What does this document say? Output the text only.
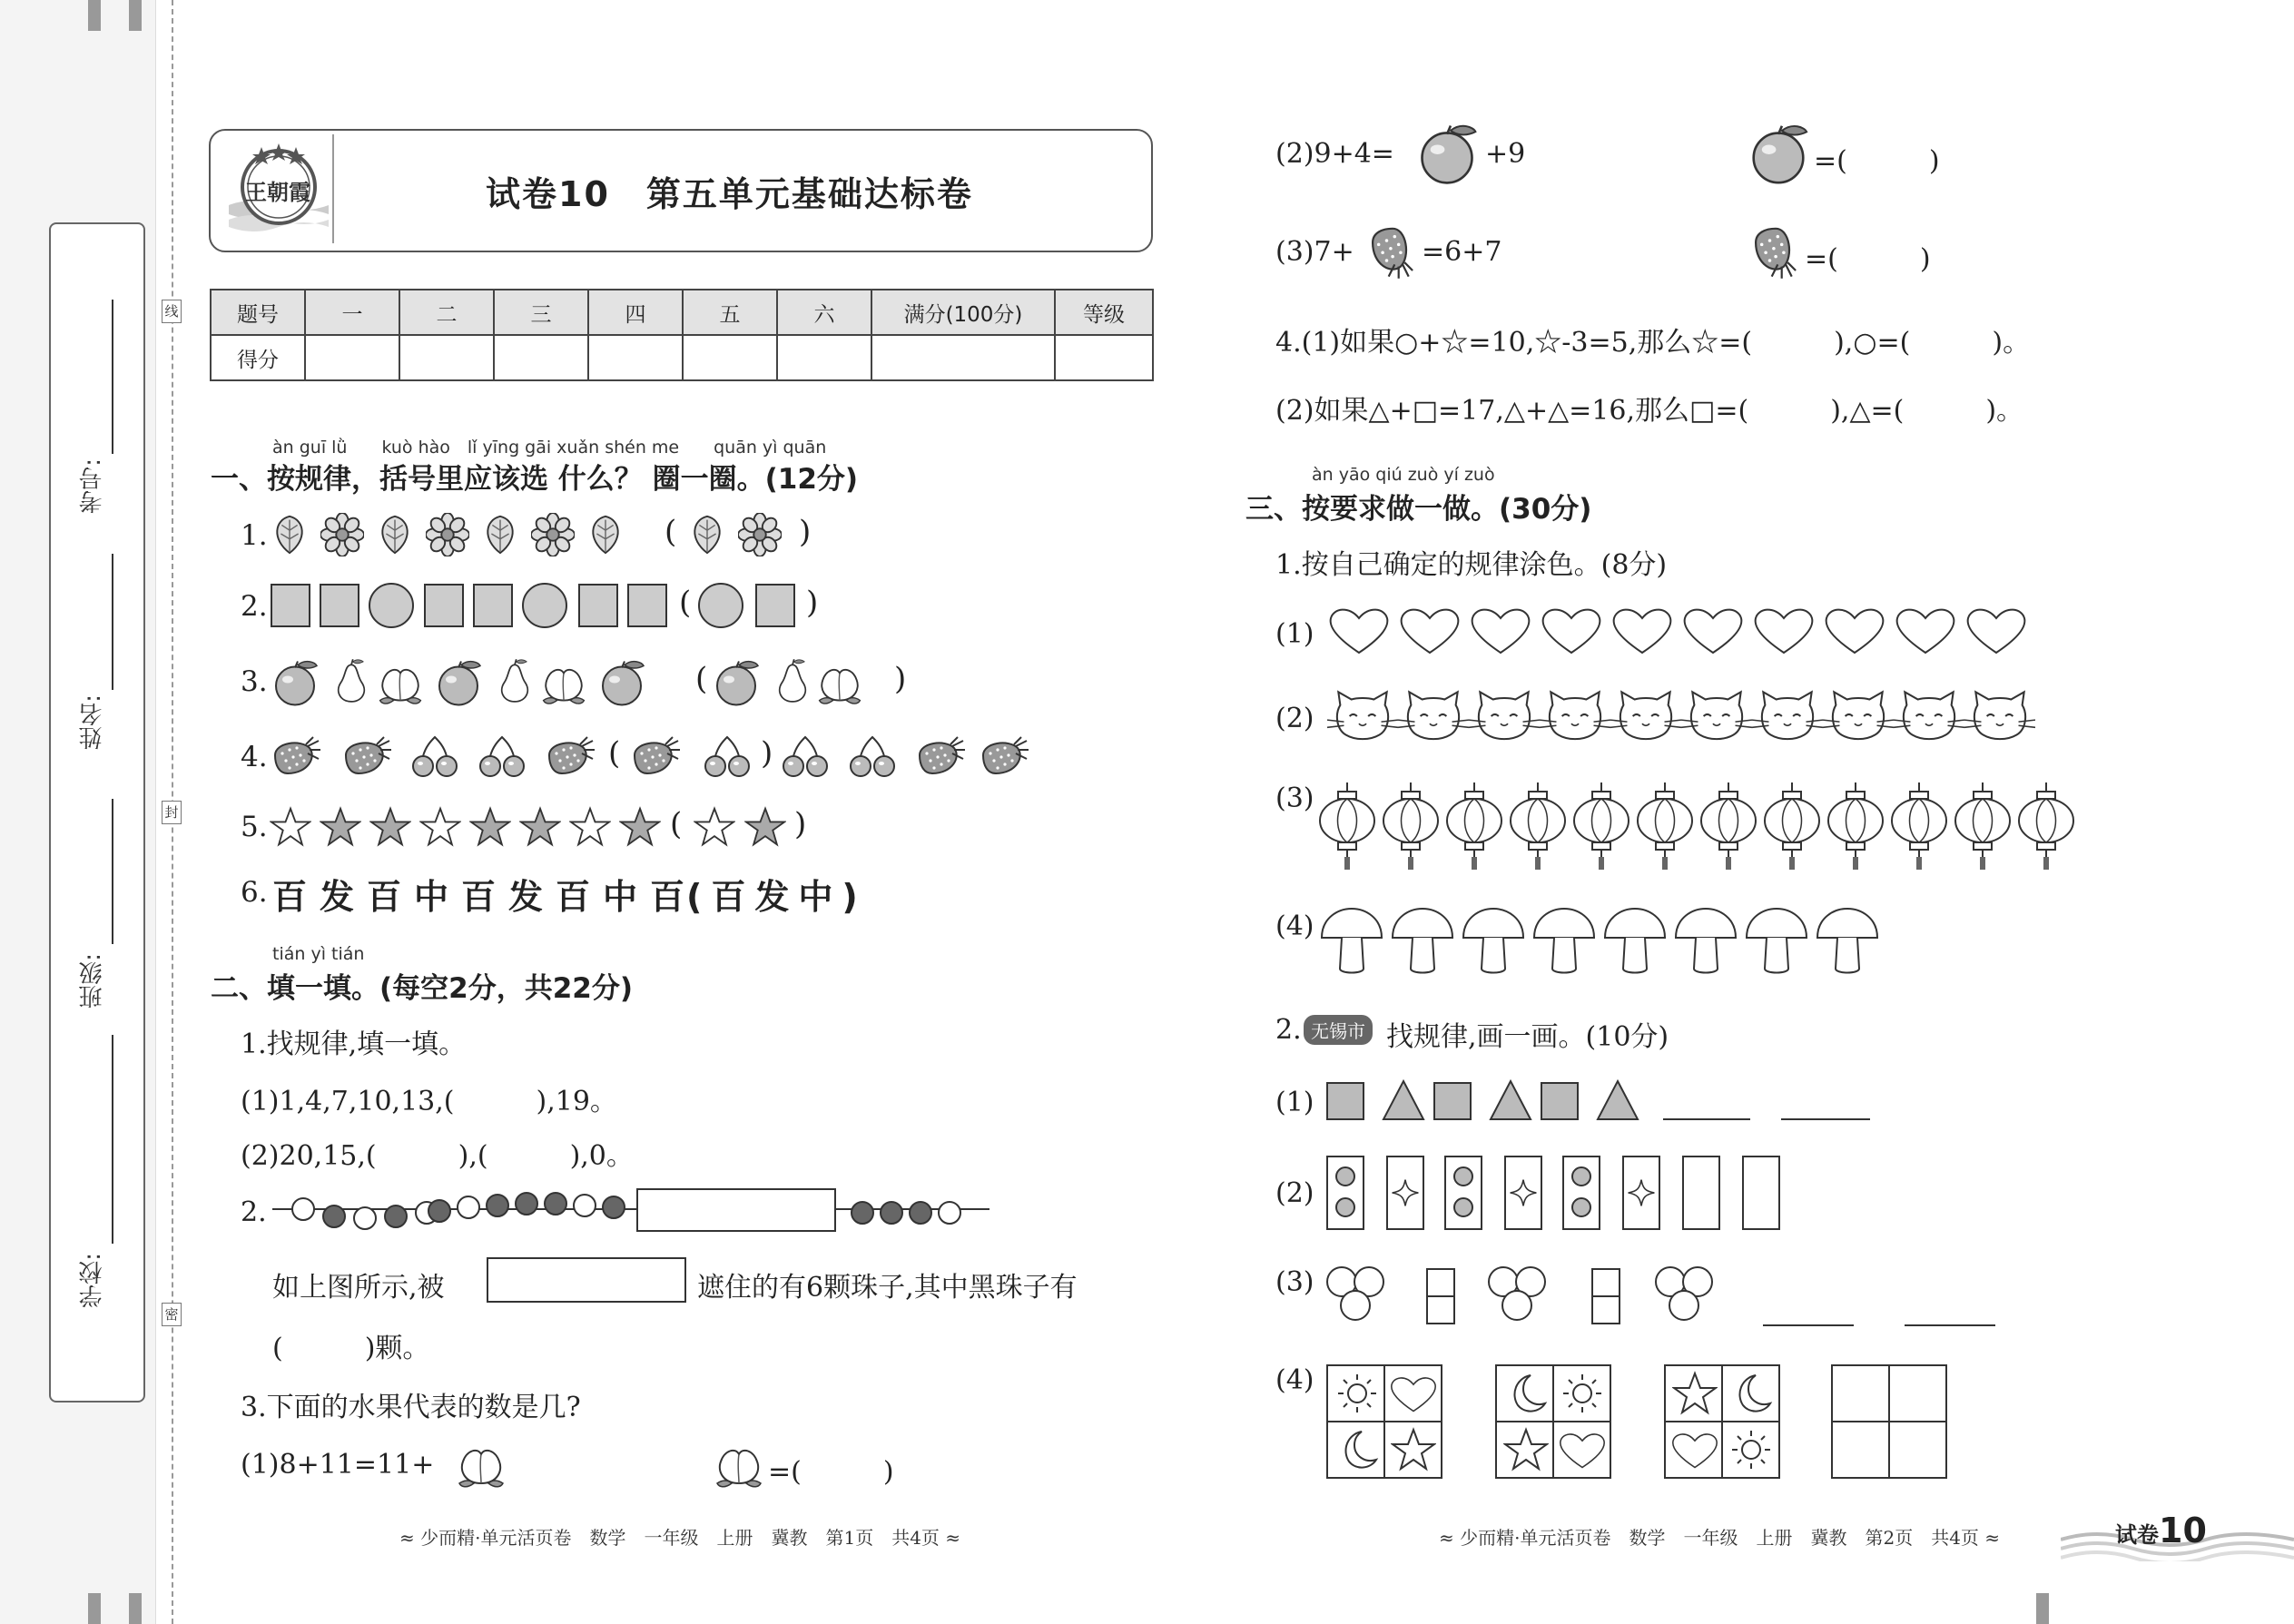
学校:
班级:
姓名:
考号:
线
封
密
王朝霞	试卷10　第五单元基础达标卷
题号	一	二	三	四	五	六	满分(100分)	等级
得分								
àn guī lǜ　　kuò hào　lǐ yīng gāi xuǎn shén me　　quān yì quān
一、按规律，括号里应该选 什么？ 圈一圈。(12分)
1.	(	)
2.	(	)
3.	(	)
4.	(	)
5.	(	)
6. 百发百中百发百中百
(百发中)
tián yì tián
二、填一填。(每空2分，共22分)
1.找规律,填一填。
(1)1,4,7,10,13,(　　　),19。
(2)20,15,(　　　),(　　　),0。
2.
如上图所示,被	遮住的有6颗珠子,其中黑珠子有
(　　　)颗。
3.下面的水果代表的数是几?
(1)8+11=11+	=(　　　)
≈ 少而精·单元活页卷　数学　一年级　上册　冀教　第1页　共4页 ≈
(2)9+4=	+9	=(　　　)
(3)7+ =6+7	=(　　　)
4.(1)如果○+☆=10,☆-3=5,那么☆=(　　　),○=(　　　)。
(2)如果△+□=17,△+△=16,那么□=(　　　),△=(　　　)。
àn yāo qiú zuò yí zuò
三、按要求做一做。(30分)
1.按自己确定的规律涂色。(8分)
(1)
(2)
(3)
(4)
2. 无锡市 找规律,画一画。(10分)
(1)
(2)
(3)
(4)
≈ 少而精·单元活页卷　数学　一年级　上册　冀教　第2页　共4页 ≈	试卷10
